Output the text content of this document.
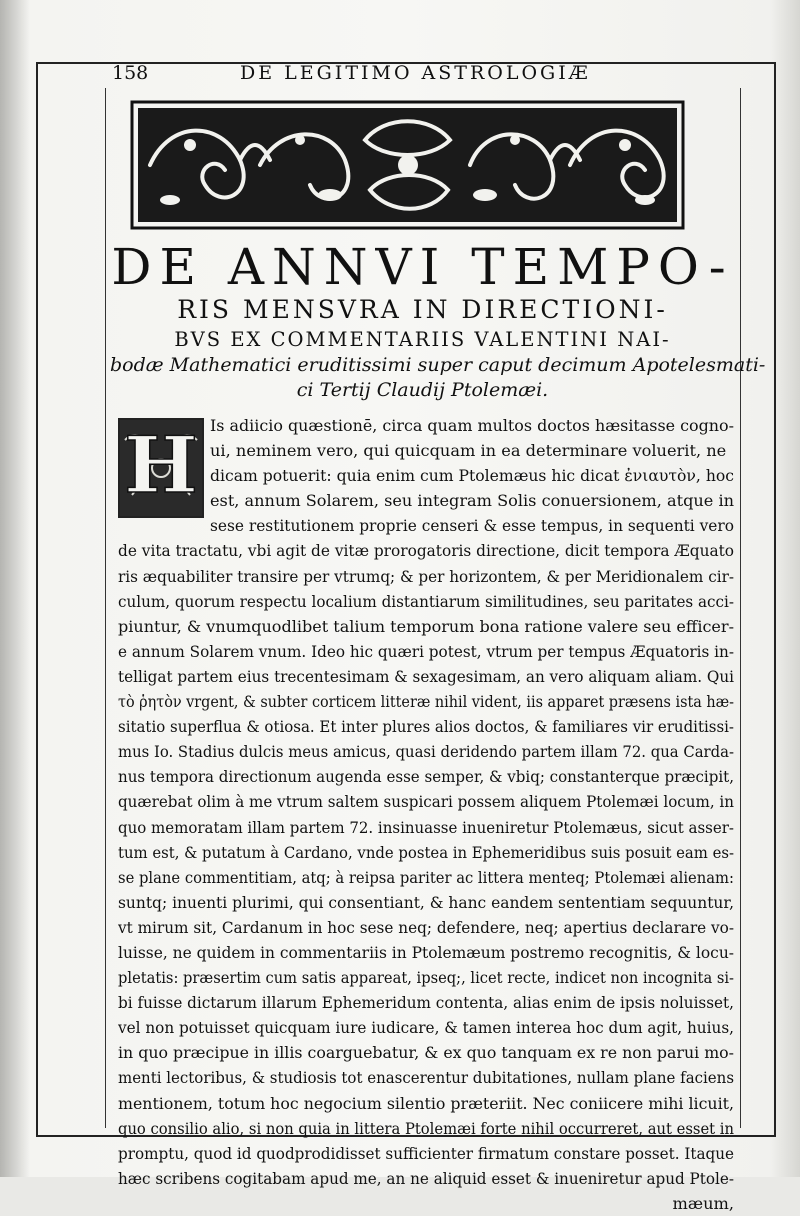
158	DE LEGITIMO ASTROLOGIÆ
DE ANNVI TEMPO-
RIS MENSVRA IN DIRECTIONI-
BVS EX COMMENTARIIS VALENTINI NAI-
bodæ Mathematici eruditissimi super caput decimum Apotelesmati-
ci Tertij Claudij Ptolemæi.
H Is adiicio quæstionē, circa quam multos doctos hæsitasse cogno-
ui, neminem vero, qui quicquam in ea determinare voluerit, ne
dicam potuerit: quia enim cum Ptolemæus hic dicat ἐνιαυτὸν, hoc
est, annum Solarem, seu integram Solis conuersionem, atque in
sese restitutionem proprie censeri & esse tempus, in sequenti vero
de vita tractatu, vbi agit de vitæ prorogatoris directione, dicit tempora Æquato
ris æquabiliter transire per vtrumq; & per horizontem, & per Meridionalem cir-
culum, quorum respectu localium distantiarum similitudines, seu paritates acci-
piuntur, & vnumquodlibet talium temporum bona ratione valere seu efficer-
e annum Solarem vnum. Ideo hic quæri potest, vtrum per tempus Æquatoris in-
telligat partem eius trecentesimam & sexagesimam, an vero aliquam aliam. Qui
τὸ ῥητὸν vrgent, & subter corticem litteræ nihil vident, iis apparet præsens ista hæ-
sitatio superflua & otiosa. Et inter plures alios doctos, & familiares vir eruditissi-
mus Io. Stadius dulcis meus amicus, quasi deridendo partem illam 72. qua Carda-
nus tempora directionum augenda esse semper, & vbiq; constanterque præcipit,
quærebat olim à me vtrum saltem suspicari possem aliquem Ptolemæi locum, in
quo memoratam illam partem 72. insinuasse inueniretur Ptolemæus, sicut asser-
tum est, & putatum à Cardano, vnde postea in Ephemeridibus suis posuit eam es-
se plane commentitiam, atq; à reipsa pariter ac littera menteq; Ptolemæi alienam:
suntq; inuenti plurimi, qui consentiant, & hanc eandem sententiam sequuntur,
vt mirum sit, Cardanum in hoc sese neq; defendere, neq; apertius declarare vo-
luisse, ne quidem in commentariis in Ptolemæum postremo recognitis, & locu-
pletatis: præsertim cum satis appareat, ipseq;, licet recte, indicet non incognita si-
bi fuisse dictarum illarum Ephemeridum contenta, alias enim de ipsis noluisset,
vel non potuisset quicquam iure iudicare, & tamen interea hoc dum agit, huius,
in quo præcipue in illis coarguebatur, & ex quo tanquam ex re non parui mo-
menti lectoribus, & studiosis tot enascerentur dubitationes, nullam plane faciens
mentionem, totum hoc negocium silentio præteriit. Nec coniicere mihi licuit,
quo consilio alio, si non quia in littera Ptolemæi forte nihil occurreret, aut esset in
promptu, quod id quodprodidisset sufficienter firmatum constare posset. Itaque
hæc scribens cogitabam apud me, an ne aliquid esset & inueniretur apud Ptole-
mæum,
